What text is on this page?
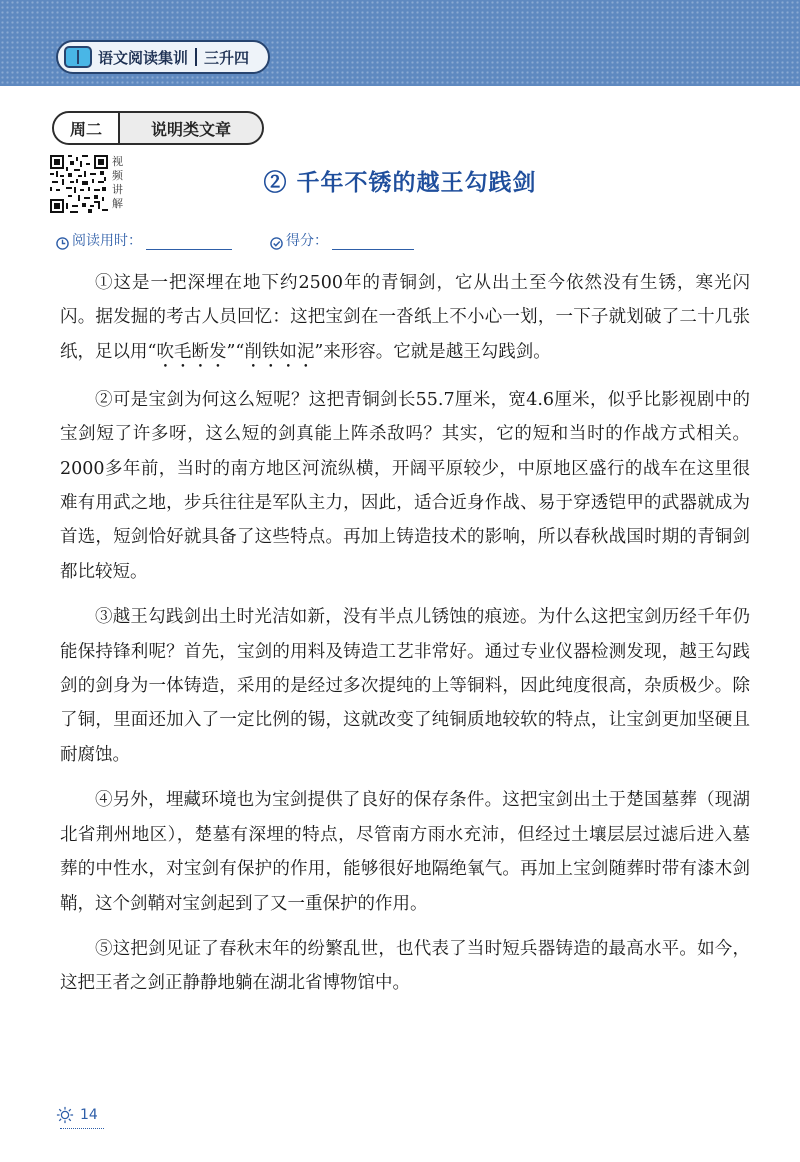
语文阅读集训 三升四
周二	说明类文章
视频讲解
② 千年不锈的越王勾践剑
阅读用时：	得分：

①这是一把深埋在地下约2500年的青铜剑，它从出土至今依然没有生锈，寒光闪闪。据发掘的考古人员回忆：这把宝剑在一沓纸上不小心一划，一下子就划破了二十几张纸，足以用“吹毛断发”“削铁如泥”来形容。它就是越王勾践剑。

②可是宝剑为何这么短呢？这把青铜剑长55.7厘米，宽4.6厘米，似乎比影视剧中的宝剑短了许多呀，这么短的剑真能上阵杀敌吗？其实，它的短和当时的作战方式相关。2000多年前，当时的南方地区河流纵横，开阔平原较少，中原地区盛行的战车在这里很难有用武之地，步兵往往是军队主力，因此，适合近身作战、易于穿透铠甲的武器就成为首选，短剑恰好就具备了这些特点。再加上铸造技术的影响，所以春秋战国时期的青铜剑都比较短。

③越王勾践剑出土时光洁如新，没有半点儿锈蚀的痕迹。为什么这把宝剑历经千年仍能保持锋利呢？首先，宝剑的用料及铸造工艺非常好。通过专业仪器检测发现，越王勾践剑的剑身为一体铸造，采用的是经过多次提纯的上等铜料，因此纯度很高，杂质极少。除了铜，里面还加入了一定比例的锡，这就改变了纯铜质地较软的特点，让宝剑更加坚硬且耐腐蚀。

④另外，埋藏环境也为宝剑提供了良好的保存条件。这把宝剑出土于楚国墓葬（现湖北省荆州地区），楚墓有深埋的特点，尽管南方雨水充沛，但经过土壤层层过滤后进入墓葬的中性水，对宝剑有保护的作用，能够很好地隔绝氧气。再加上宝剑随葬时带有漆木剑鞘，这个剑鞘对宝剑起到了又一重保护的作用。

⑤这把剑见证了春秋末年的纷繁乱世，也代表了当时短兵器铸造的最高水平。如今，这把王者之剑正静静地躺在湖北省博物馆中。

14
